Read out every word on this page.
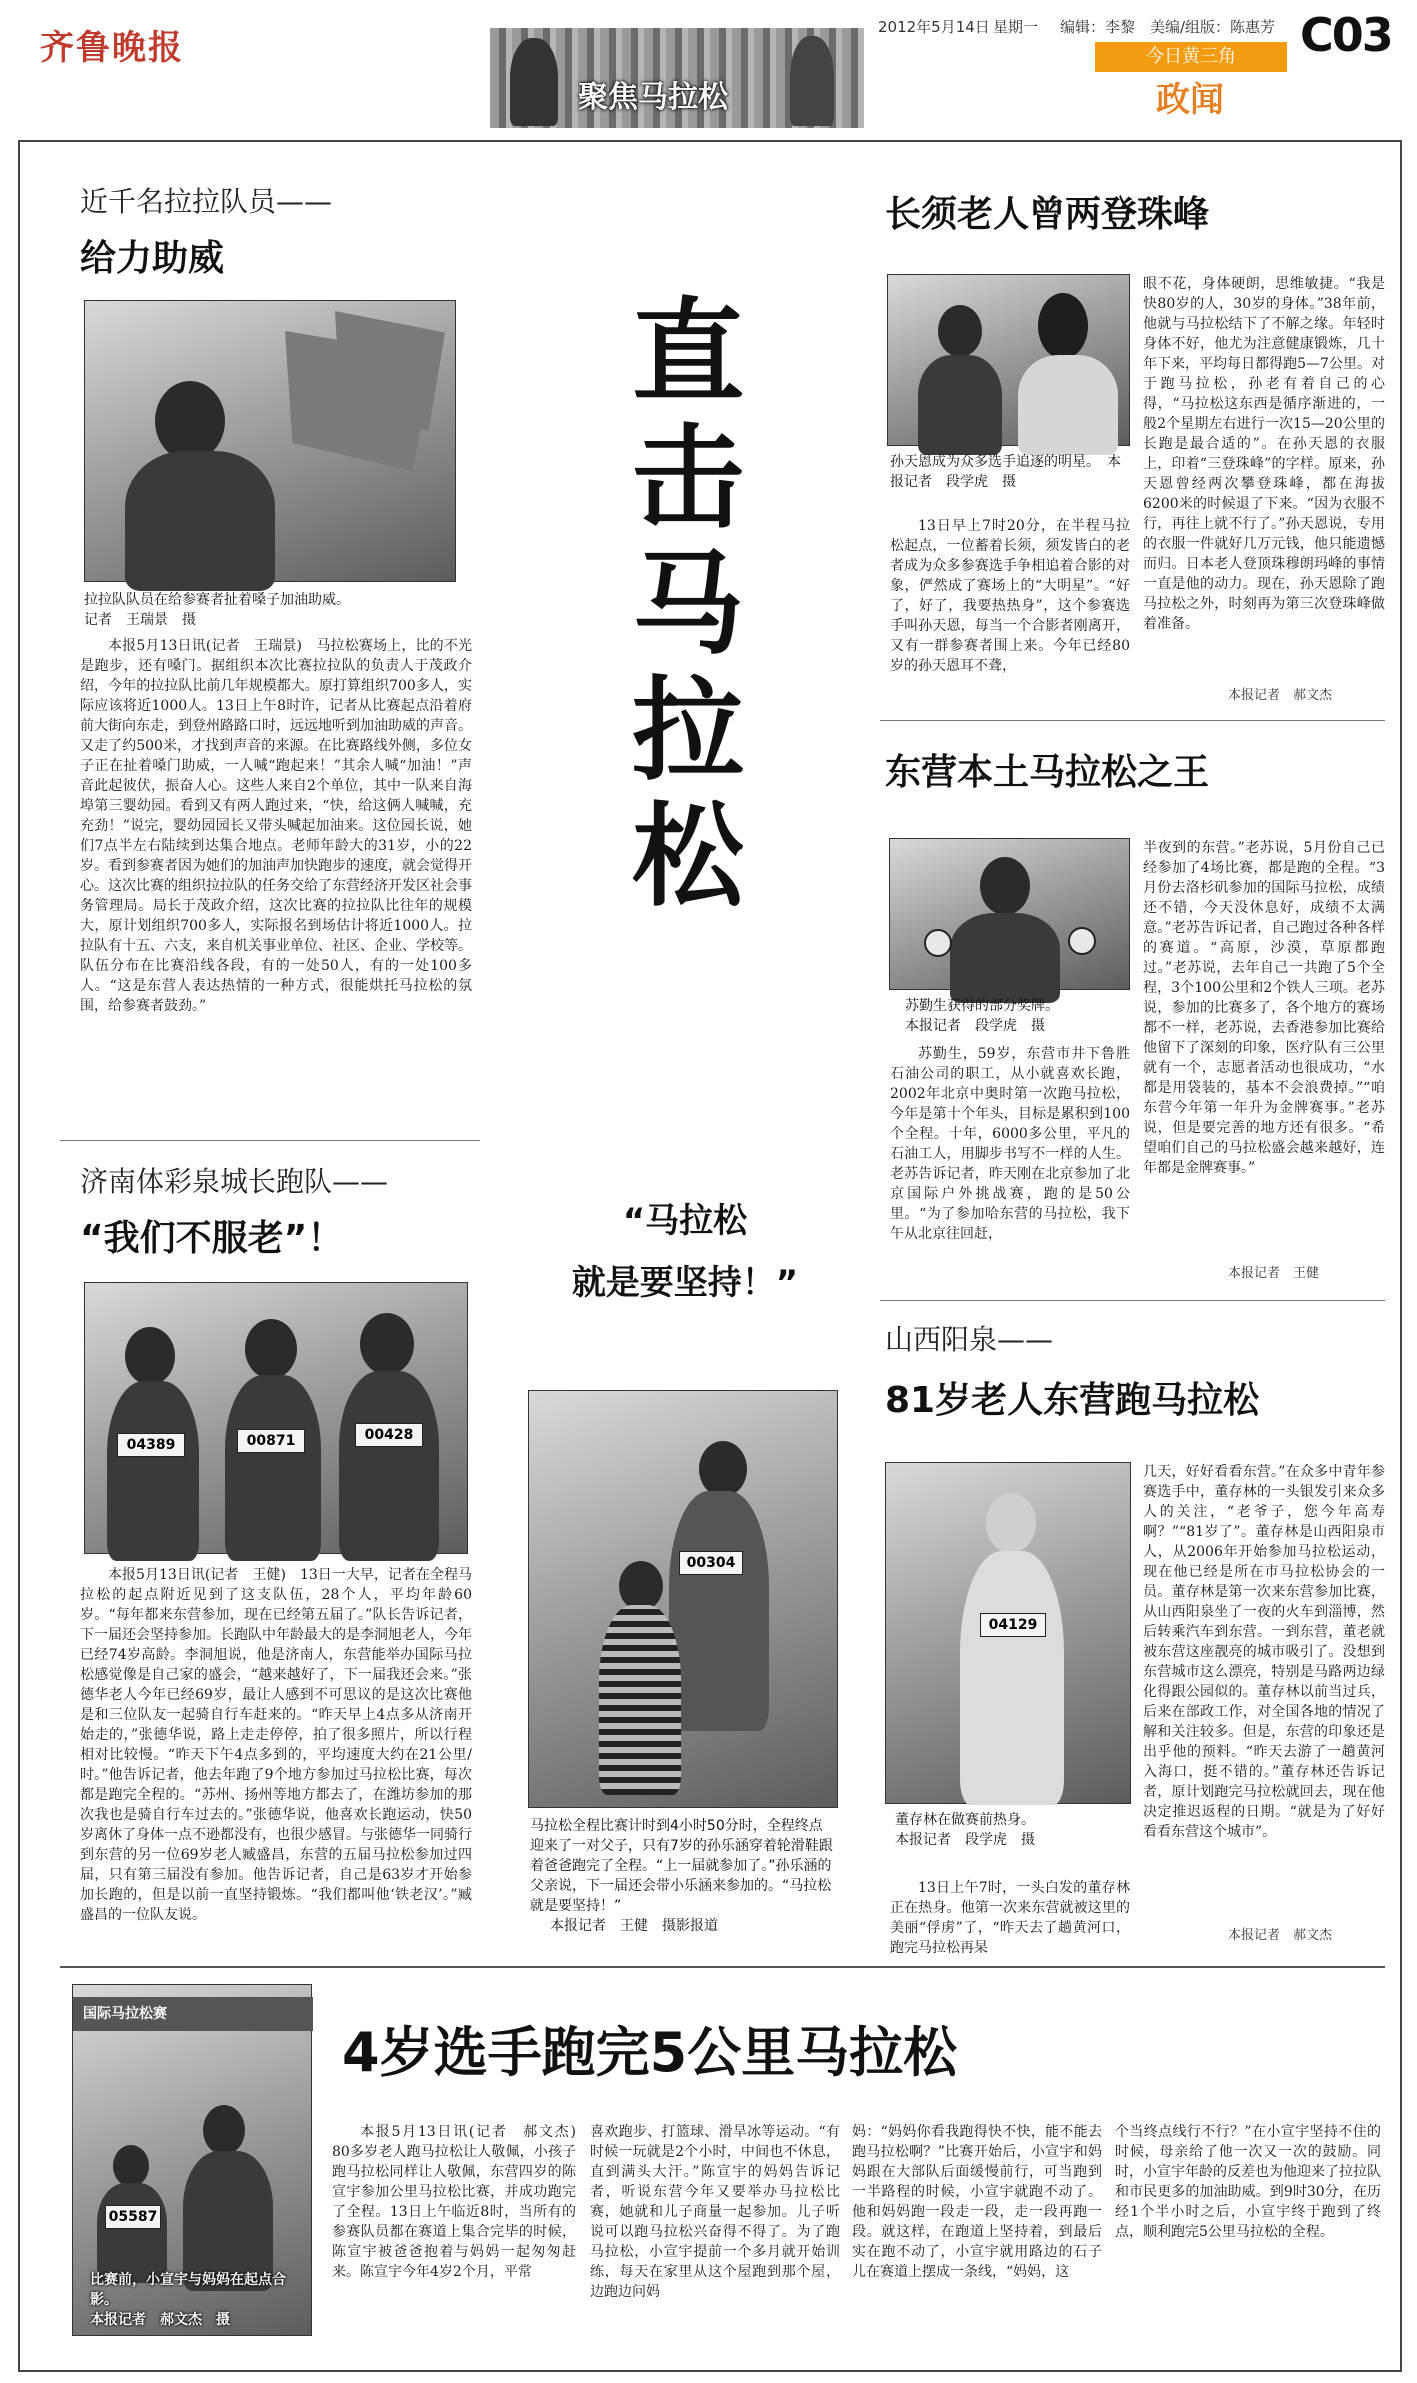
齐鲁晚报
聚焦马拉松
2012年5月14日 星期一 编辑：李黎 美编/组版：陈惠芳 C03
今日黄三角
政闻
近千名拉拉队员——
给力助威
拉拉队队员在给参赛者扯着嗓子加油助威。
记者　王瑞景　摄
本报5月13日讯(记者　王瑞景)　马拉松赛场上，比的不光是跑步，还有嗓门。据组织本次比赛拉拉队的负责人于茂政介绍，今年的拉拉队比前几年规模都大。原打算组织700多人，实际应该将近1000人。13日上午8时许，记者从比赛起点沿着府前大街向东走，到登州路路口时，远远地听到加油助威的声音。又走了约500米，才找到声音的来源。在比赛路线外侧，多位女子正在扯着嗓门助威，一人喊“跑起来！”其余人喊“加油！”声音此起彼伏，振奋人心。这些人来自2个单位，其中一队来自海埠第三婴幼园。看到又有两人跑过来，“快，给这俩人喊喊，充充劲！”说完，婴幼园园长又带头喊起加油来。这位园长说，她们7点半左右陆续到达集合地点。老师年龄大的31岁，小的22岁。看到参赛者因为她们的加油声加快跑步的速度，就会觉得开心。这次比赛的组织拉拉队的任务交给了东营经济开发区社会事务管理局。局长于茂政介绍，这次比赛的拉拉队比往年的规模大，原计划组织700多人，实际报名到场估计将近1000人。拉拉队有十五、六支，来自机关事业单位、社区、企业、学校等。队伍分布在比赛沿线各段，有的一处50人，有的一处100多人。“这是东营人表达热情的一种方式，很能烘托马拉松的氛围，给参赛者鼓劲。”
济南体彩泉城长跑队——
“我们不服老”！
04389	00871	00428
本报5月13日讯(记者　王健)　13日一大早，记者在全程马拉松的起点附近见到了这支队伍，28个人，平均年龄60岁。“每年都来东营参加，现在已经第五届了。”队长告诉记者，下一届还会坚持参加。长跑队中年龄最大的是李洞旭老人，今年已经74岁高龄。李洞旭说，他是济南人，东营能举办国际马拉松感觉像是自己家的盛会，“越来越好了，下一届我还会来。”张德华老人今年已经69岁，最让人感到不可思议的是这次比赛他是和三位队友一起骑自行车赶来的。“昨天早上4点多从济南开始走的，”张德华说，路上走走停停，拍了很多照片，所以行程相对比较慢。“昨天下午4点多到的，平均速度大约在21公里/时。”他告诉记者，他去年跑了9个地方参加过马拉松比赛，每次都是跑完全程的。“苏州、扬州等地方都去了，在潍坊参加的那次我也是骑自行车过去的。”张德华说，他喜欢长跑运动，快50岁离休了身体一点不逊都没有，也很少感冒。与张德华一同骑行到东营的另一位69岁老人臧盛昌，东营的五届马拉松参加过四届，只有第三届没有参加。他告诉记者，自己是63岁才开始参加长跑的，但是以前一直坚持锻炼。“我们都叫他‘铁老汉’。”臧盛昌的一位队友说。
直击马拉松
“马拉松
就是要坚持！”
00304
马拉松全程比赛计时到4小时50分时，全程终点迎来了一对父子，只有7岁的孙乐涵穿着轮滑鞋跟着爸爸跑完了全程。“上一届就参加了。”孙乐涵的父亲说，下一届还会带小乐涵来参加的。“马拉松就是要坚持！”
本报记者　王健　摄影报道
长须老人曾两登珠峰
孙天恩成为众多选手追逐的明星。　本报记者　段学虎　摄
13日早上7时20分，在半程马拉松起点，一位蓄着长须，须发皆白的老者成为众多参赛选手争相追着合影的对象，俨然成了赛场上的“大明星”。“好了，好了，我要热热身”，这个参赛选手叫孙天恩，每当一个合影者刚离开，又有一群参赛者围上来。今年已经80岁的孙天恩耳不聋，
眼不花，身体硬朗，思维敏捷。“我是快80岁的人，30岁的身体。”38年前，他就与马拉松结下了不解之缘。年轻时身体不好，他尤为注意健康锻炼，几十年下来，平均每日都得跑5—7公里。对于跑马拉松，孙老有着自己的心得，“马拉松这东西是循序渐进的，一般2个星期左右进行一次15—20公里的长跑是最合适的”。在孙天恩的衣服上，印着“三登珠峰”的字样。原来，孙天恩曾经两次攀登珠峰，都在海拔6200米的时候退了下来。“因为衣服不行，再往上就不行了。”孙天恩说，专用的衣服一件就好几万元钱，他只能遗憾而归。日本老人登顶珠穆朗玛峰的事情一直是他的动力。现在，孙天恩除了跑马拉松之外，时刻再为第三次登珠峰做着准备。
本报记者　郝文杰
东营本土马拉松之王
苏勤生获得的部分奖牌。
本报记者　段学虎　摄
苏勤生，59岁，东营市井下鲁胜石油公司的职工，从小就喜欢长跑，2002年北京中奥时第一次跑马拉松，今年是第十个年头，目标是累积到100个全程。十年，6000多公里，平凡的石油工人，用脚步书写不一样的人生。老苏告诉记者，昨天刚在北京参加了北京国际户外挑战赛，跑的是50公里。“为了参加哈东营的马拉松，我下午从北京往回赶，
半夜到的东营。”老苏说，5月份自己已经参加了4场比赛，都是跑的全程。“3月份去洛杉矶参加的国际马拉松，成绩还不错，今天没休息好，成绩不太满意。”老苏告诉记者，自己跑过各种各样的赛道。“高原，沙漠，草原都跑过。”老苏说，去年自己一共跑了5个全程，3个100公里和2个铁人三项。老苏说，参加的比赛多了，各个地方的赛场都不一样，老苏说，去香港参加比赛给他留下了深刻的印象，医疗队有三公里就有一个，志愿者活动也很成功，“水都是用袋装的，基本不会浪费掉。”“咱东营今年第一年升为金牌赛事。”老苏说，但是要完善的地方还有很多。“希望咱们自己的马拉松盛会越来越好，连年都是金牌赛事。”
本报记者　王健
山西阳泉——
81岁老人东营跑马拉松
04129
董存林在做赛前热身。
本报记者　段学虎　摄
13日上午7时，一头白发的董存林正在热身。他第一次来东营就被这里的美丽“俘虏”了，“昨天去了趟黄河口，跑完马拉松再杲
几天，好好看看东营。”在众多中青年参赛选手中，董存林的一头银发引来众多人的关注，“老爷子，您今年高寿啊？”“81岁了”。董存林是山西阳泉市人，从2006年开始参加马拉松运动，现在他已经是所在市马拉松协会的一员。董存林是第一次来东营参加比赛，从山西阳泉坐了一夜的火车到淄博，然后转乘汽车到东营。一到东营，董老就被东营这座靓亮的城市吸引了。没想到东营城市这么漂亮，特别是马路两边绿化得跟公园似的。董存林以前当过兵，后来在部政工作，对全国各地的情况了解和关注较多。但是，东营的印象还是出乎他的预料。“昨天去游了一趟黄河入海口，挺不错的。”董存林还告诉记者，原计划跑完马拉松就回去，现在他决定推迟返程的日期。“就是为了好好看看东营这个城市”。
本报记者　郝文杰
国际马拉松赛
05587
比赛前，小宣宇与妈妈在起点合影。
本报记者　郝文杰　摄
4岁选手跑完5公里马拉松
本报5月13日讯(记者　郝文杰)　80多岁老人跑马拉松让人敬佩，小孩子跑马拉松同样让人敬佩，东营四岁的陈宣宇参加公里马拉松比赛，并成功跑完了全程。13日上午临近8时，当所有的参赛队员都在赛道上集合完毕的时候，陈宣宇被爸爸抱着与妈妈一起匆匆赶来。陈宣宇今年4岁2个月，平常
喜欢跑步、打篮球、滑旱冰等运动。“有时候一玩就是2个小时，中间也不休息，直到满头大汗。”陈宣宇的妈妈告诉记者，听说东营今年又要举办马拉松比赛，她就和儿子商量一起参加。儿子听说可以跑马拉松兴奋得不得了。为了跑马拉松，小宣宇提前一个多月就开始训练，每天在家里从这个屋跑到那个屋，边跑边问妈
妈：“妈妈你看我跑得快不快，能不能去跑马拉松啊？”比赛开始后，小宣宇和妈妈跟在大部队后面缓慢前行，可当跑到一半路程的时候，小宣宇就跑不动了。他和妈妈跑一段走一段，走一段再跑一段。就这样，在跑道上坚持着，到最后实在跑不动了，小宣宇就用路边的石子儿在赛道上摆成一条线，“妈妈，这
个当终点线行不行？”在小宣宇坚持不住的时候，母亲给了他一次又一次的鼓励。同时，小宣宇年龄的反差也为他迎来了拉拉队和市民更多的加油助威。到9时30分，在历经1个半小时之后，小宣宇终于跑到了终点，顺利跑完5公里马拉松的全程。
